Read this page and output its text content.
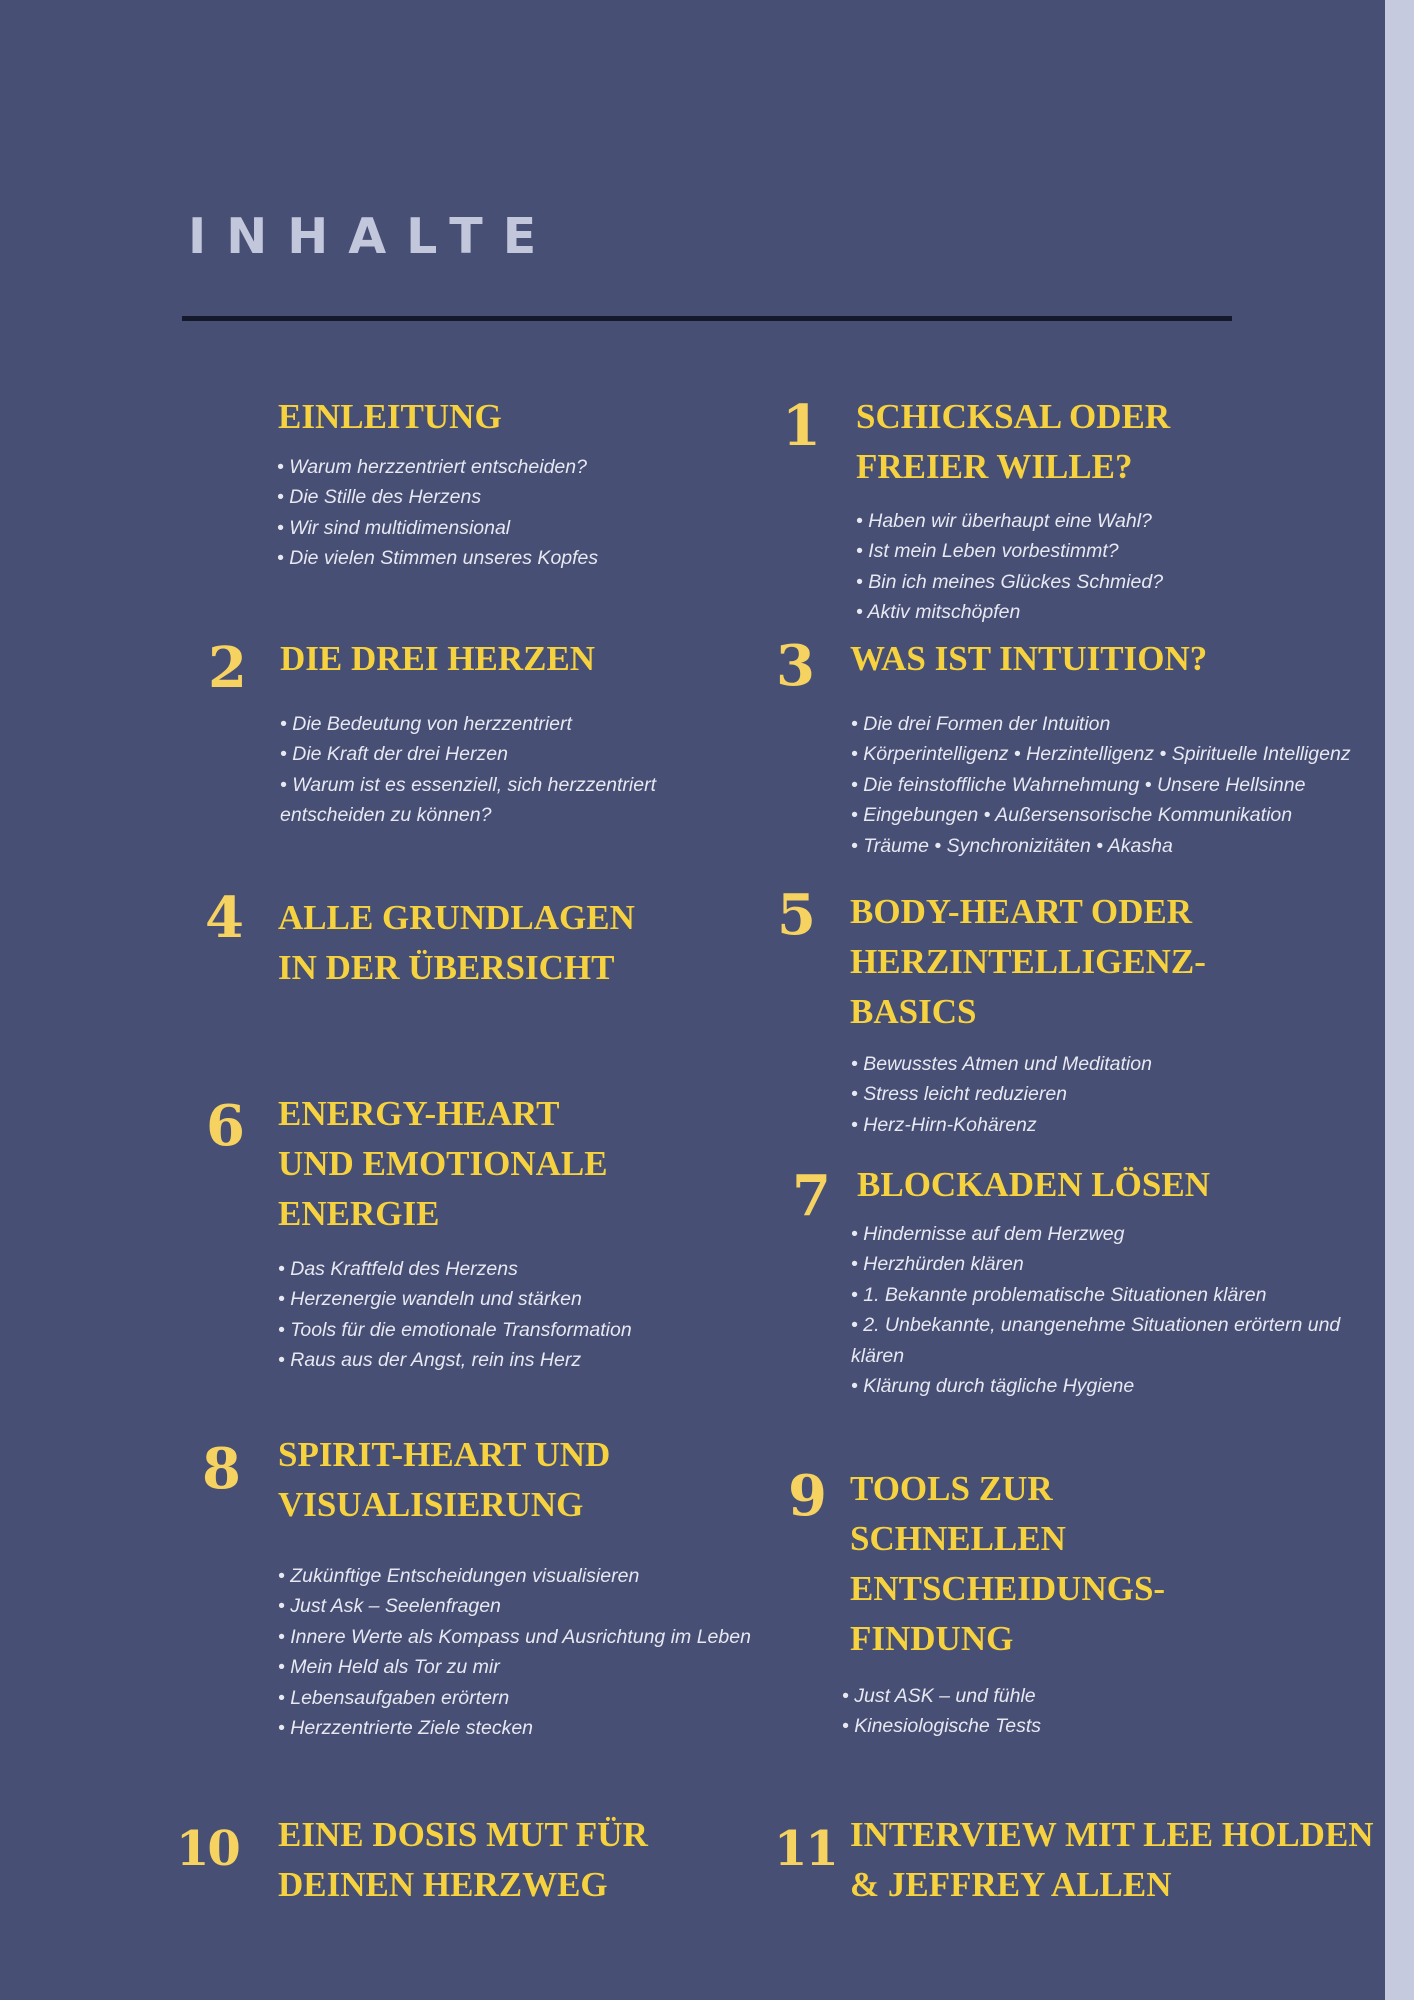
INHALTE
EINLEITUNG
• Warum herzzentriert entscheiden?
• Die Stille des Herzens
• Wir sind multidimensional
• Die vielen Stimmen unseres Kopfes
1 SCHICKSAL ODER
FREIER WILLE?
• Haben wir überhaupt eine Wahl?
• Ist mein Leben vorbestimmt?
• Bin ich meines Glückes Schmied?
• Aktiv mitschöpfen
2 DIE DREI HERZEN
• Die Bedeutung von herzzentriert
• Die Kraft der drei Herzen
• Warum ist es essenziell, sich herzzentriert
entscheiden zu können?
3 WAS IST INTUITION?
• Die drei Formen der Intuition
• Körperintelligenz • Herzintelligenz • Spirituelle Intelligenz
• Die feinstoffliche Wahrnehmung • Unsere Hellsinne
• Eingebungen • Außersensorische Kommunikation
• Träume • Synchronizitäten • Akasha
4 ALLE GRUNDLAGEN
IN DER ÜBERSICHT
5 BODY-HEART ODER
HERZINTELLIGENZ-
BASICS
• Bewusstes Atmen und Meditation
• Stress leicht reduzieren
• Herz-Hirn-Kohärenz
6 ENERGY-HEART
UND EMOTIONALE
ENERGIE
• Das Kraftfeld des Herzens
• Herzenergie wandeln und stärken
• Tools für die emotionale Transformation
• Raus aus der Angst, rein ins Herz
7 BLOCKADEN LÖSEN
• Hindernisse auf dem Herzweg
• Herzhürden klären
• 1. Bekannte problematische Situationen klären
• 2. Unbekannte, unangenehme Situationen erörtern und
klären
• Klärung durch tägliche Hygiene
8 SPIRIT-HEART UND
VISUALISIERUNG
• Zukünftige Entscheidungen visualisieren
• Just Ask – Seelenfragen
• Innere Werte als Kompass und Ausrichtung im Leben
• Mein Held als Tor zu mir
• Lebensaufgaben erörtern
• Herzzentrierte Ziele stecken
9 TOOLS ZUR
SCHNELLEN
ENTSCHEIDUNGS-
FINDUNG
• Just ASK – und fühle
• Kinesiologische Tests
10 EINE DOSIS MUT FÜR
DEINEN HERZWEG
11 INTERVIEW MIT LEE HOLDEN
& JEFFREY ALLEN
